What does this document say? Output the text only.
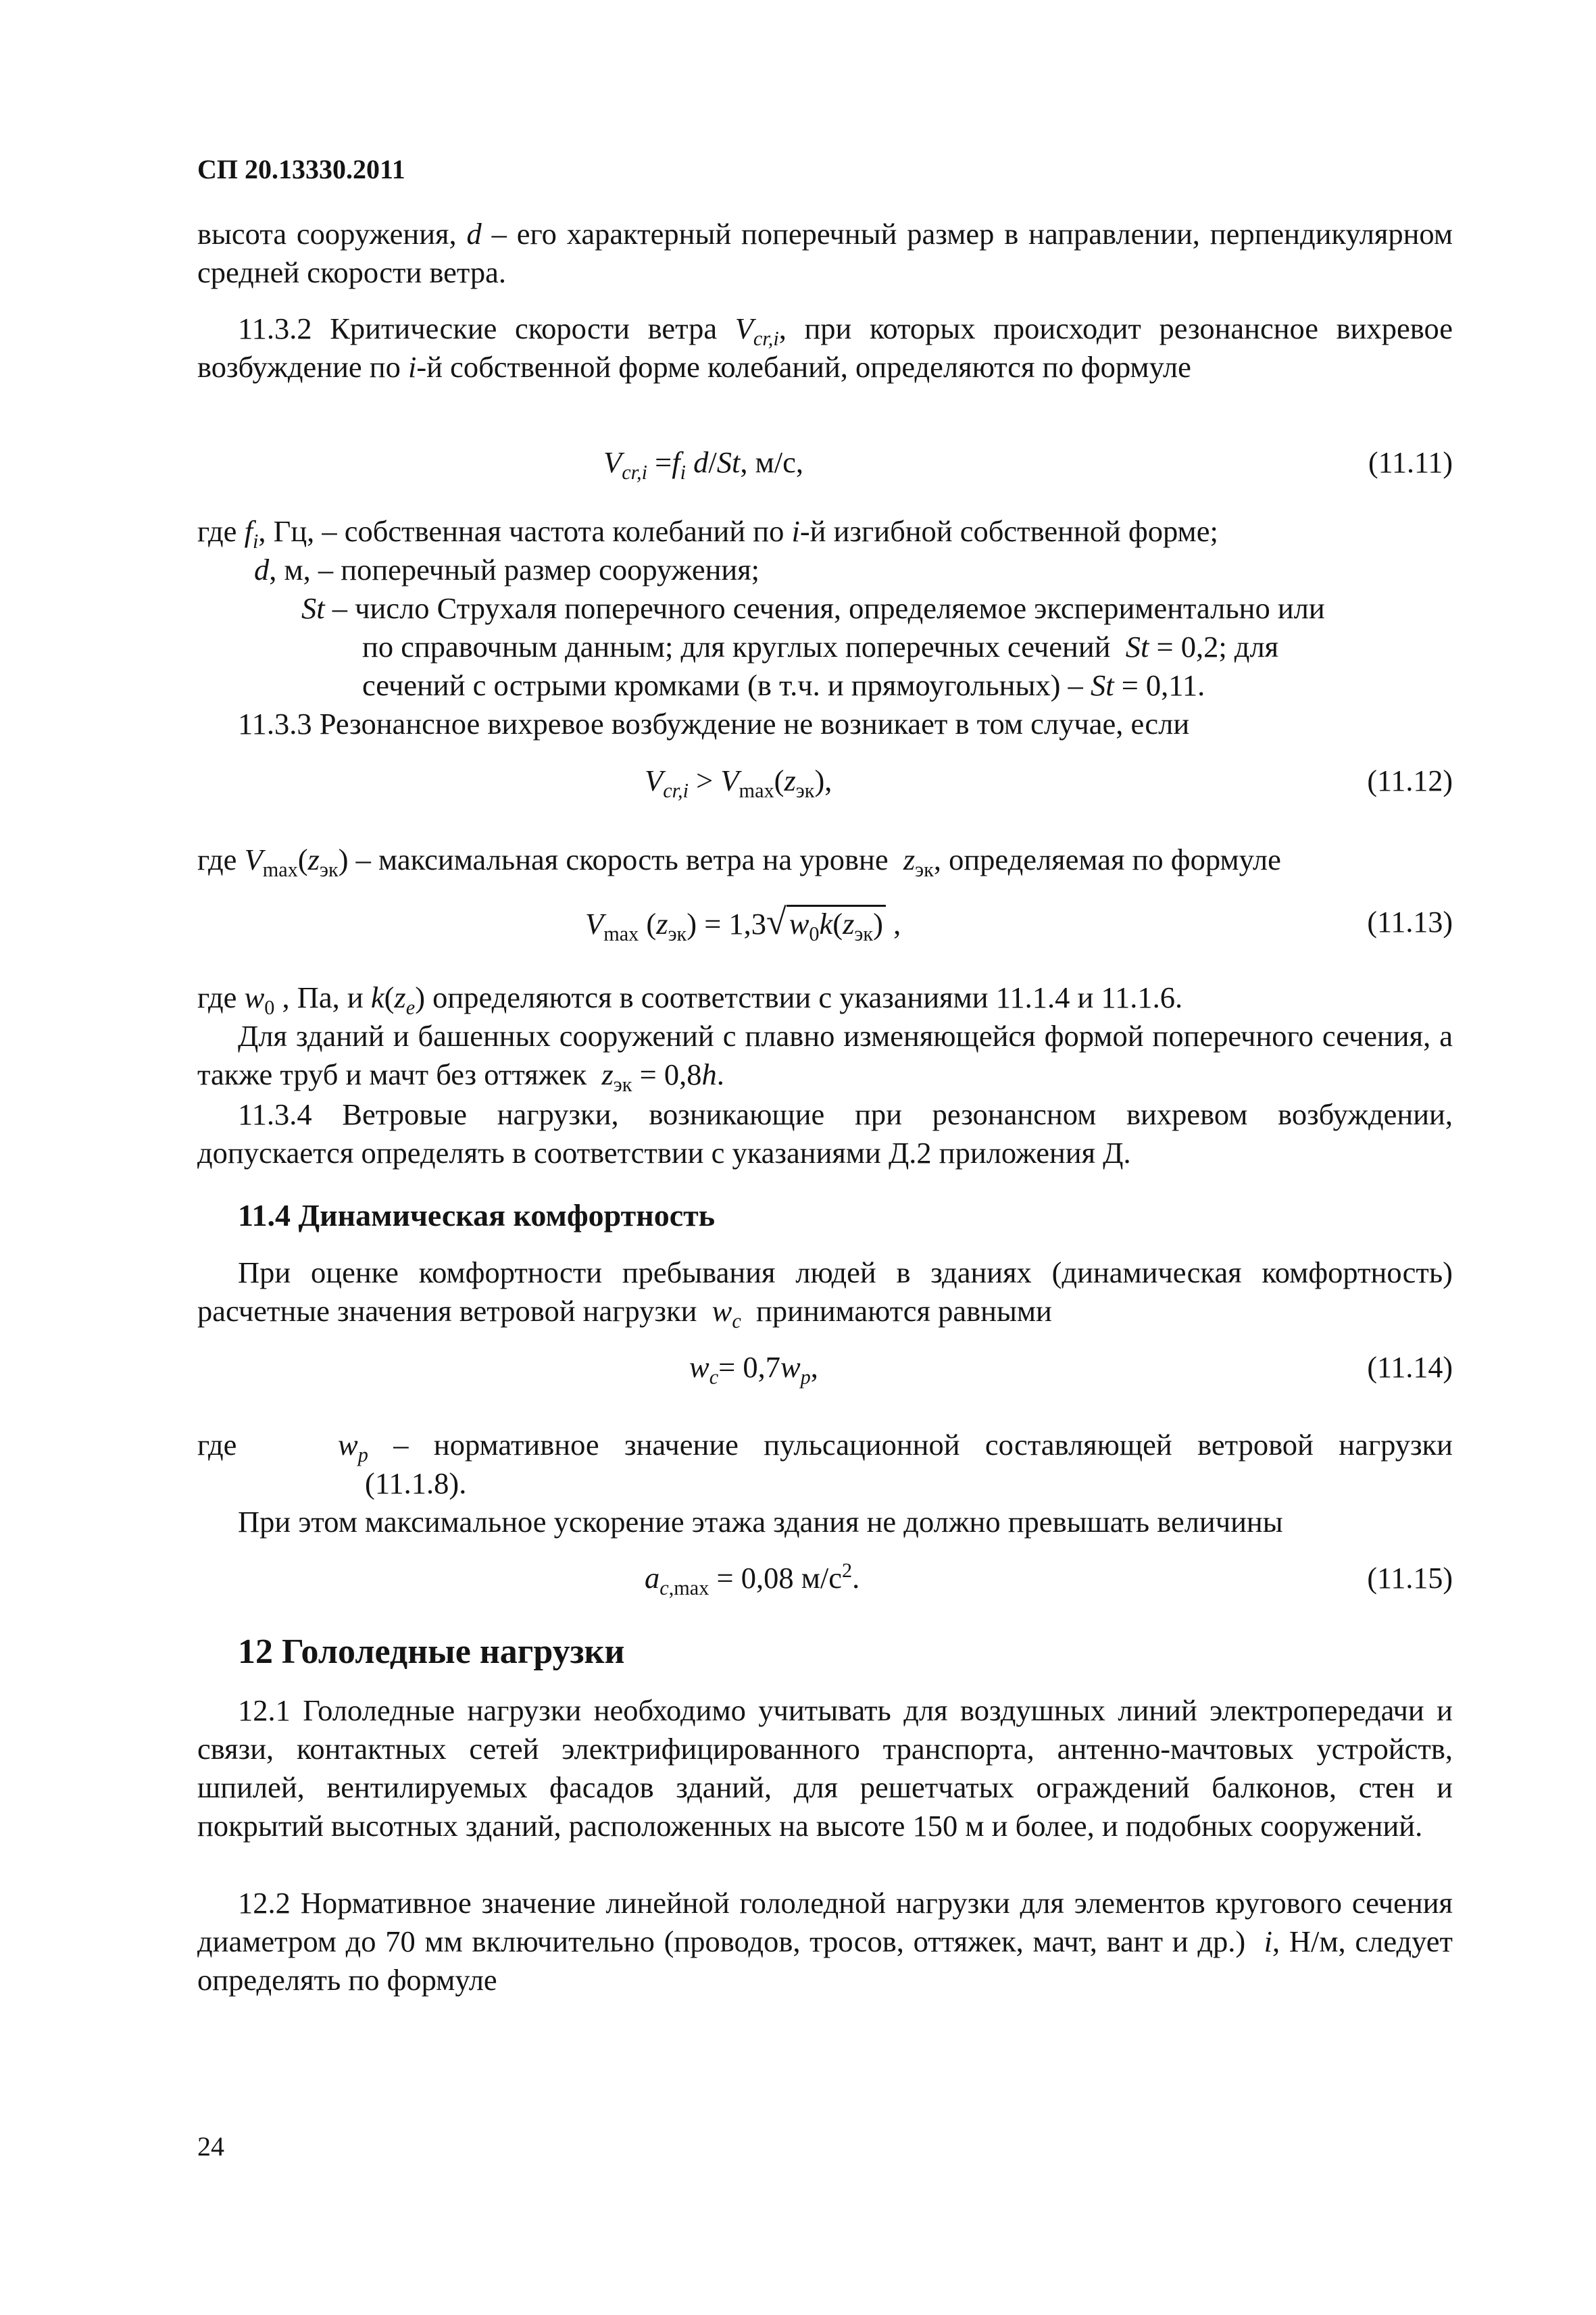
СП 20.13330.2011

высота сооружения, d – его характерный поперечный размер в направлении, перпендикулярном средней скорости ветра.

11.3.2 Критические скорости ветра $V_{cr,i}$, при которых происходит резонансное вихревое возбуждение по i-й собственной форме колебаний, определяются по формуле

$V_{cr,i} =f_i$ d/St, м/с,	(11.11)
где $f_i$, Гц, – собственная частота колебаний по i-й изгибной собственной форме;
d, м, – поперечный размер сооружения;
St – число Струхаля поперечного сечения, определяемое экспериментально или
по справочным данным; для круглых поперечных сечений  St = 0,2; для
сечений с острыми кромками (в т.ч. и прямоугольных) – St = 0,11.
11.3.3 Резонансное вихревое возбуждение не возникает в том случае, если
$V_{cr,i} > V_{max}(z_{эк})$,	(11.12)
где $V_{max}(z_{эк})$ – максимальная скорость ветра на уровне  $z_{эк}$, определяемая по формуле
$V_{max}$ $(z_{эк}) = 1,3√w_0k(z_{эк})$ ,	(11.13)
где $w_0$ , Па, и $k(z_e)$ определяются в соответствии с указаниями 11.1.4 и 11.1.6.

Для зданий и башенных сооружений с плавно изменяющейся формой поперечного сечения, а также труб и мачт без оттяжек  $z_{эк} = 0,8h$.

11.3.4 Ветровые нагрузки, возникающие при резонансном вихревом возбуждении, допускается определять в соответствии с указаниями Д.2 приложения Д.

11.4 Динамическая комфортность

При оценке комфортности пребывания людей в зданиях (динамическая комфортность) расчетные значения ветровой нагрузки  $w_c$  принимаются равными

$w_c= 0,7w_p$,	(11.14)
где    $w_p$ – нормативное значение пульсационной составляющей ветровой нагрузки
(11.1.8).
При этом максимальное ускорение этажа здания не должно превышать величины
$a_{c,max} = 0,08$ $м/с^2$.	(11.15)
12 Гололедные нагрузки

12.1 Гололедные нагрузки необходимо учитывать для воздушных линий электропередачи и связи, контактных сетей электрифицированного транспорта, антенно-мачтовых устройств, шпилей, вентилируемых фасадов зданий, для решетчатых ограждений балконов, стен и покрытий высотных зданий, расположенных на высоте 150 м и более, и подобных сооружений.

12.2 Нормативное значение линейной гололедной нагрузки для элементов кругового сечения диаметром до 70 мм включительно (проводов, тросов, оттяжек, мачт, вант и др.)  i, Н/м, следует определять по формуле

24
